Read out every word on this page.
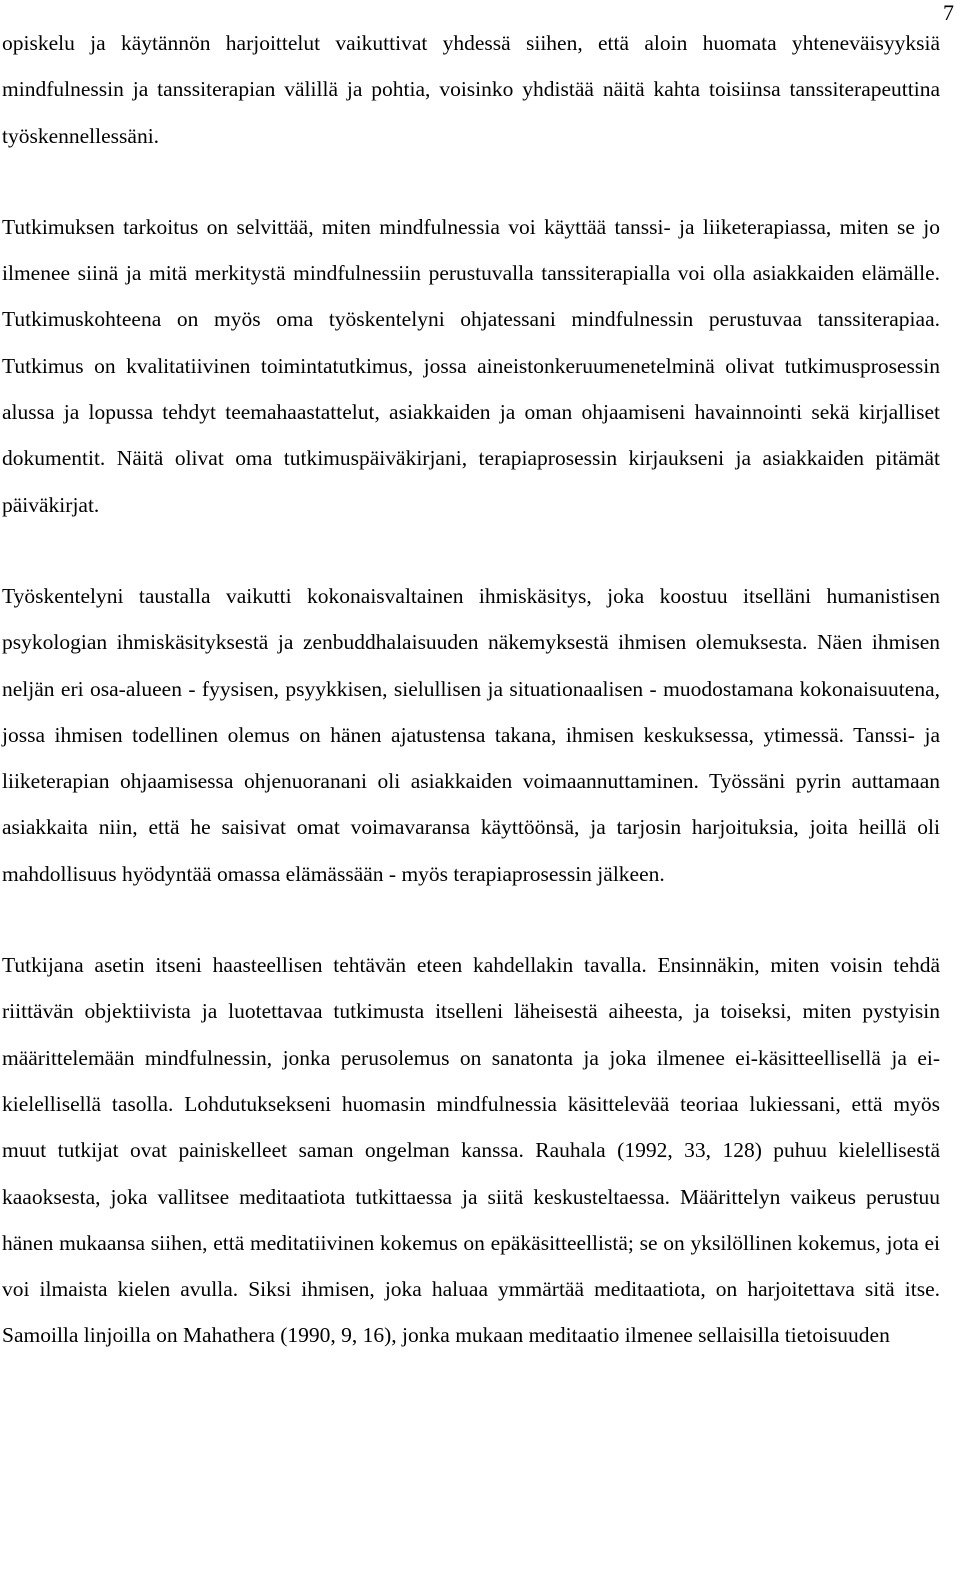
7

opiskelu ja käytännön harjoittelut vaikuttivat yhdessä siihen, että aloin huomata yhteneväisyyksiä mindfulnessin ja tanssiterapian välillä ja pohtia, voisinko yhdistää näitä kahta toisiinsa tanssiterapeuttina työskennellessäni.

Tutkimuksen tarkoitus on selvittää, miten mindfulnessia voi käyttää tanssi- ja liiketerapiassa, miten se jo ilmenee siinä ja mitä merkitystä mindfulnessiin perustuvalla tanssiterapialla voi olla asiakkaiden elämälle. Tutkimuskohteena on myös oma työskentelyni ohjatessani mindfulnessin perustuvaa tanssiterapiaa. Tutkimus on kvalitatiivinen toimintatutkimus, jossa aineistonkeruumenetelminä olivat tutkimusprosessin alussa ja lopussa tehdyt teemahaastattelut, asiakkaiden ja oman ohjaamiseni havainnointi sekä kirjalliset dokumentit. Näitä olivat oma tutkimuspäiväkirjani, terapiaprosessin kirjaukseni ja asiakkaiden pitämät päiväkirjat.

Työskentelyni taustalla vaikutti kokonaisvaltainen ihmiskäsitys, joka koostuu itselläni humanistisen psykologian ihmiskäsityksestä ja zenbuddhalaisuuden näkemyksestä ihmisen olemuksesta. Näen ihmisen neljän eri osa-alueen - fyysisen, psyykkisen, sielullisen ja situationaalisen - muodostamana kokonaisuutena, jossa ihmisen todellinen olemus on hänen ajatustensa takana, ihmisen keskuksessa, ytimessä. Tanssi- ja liiketerapian ohjaamisessa ohjenuoranani oli asiakkaiden voimaannuttaminen. Työssäni pyrin auttamaan asiakkaita niin, että he saisivat omat voimavaransa käyttöönsä, ja tarjosin harjoituksia, joita heillä oli mahdollisuus hyödyntää omassa elämässään - myös terapiaprosessin jälkeen.

Tutkijana asetin itseni haasteellisen tehtävän eteen kahdellakin tavalla. Ensinnäkin, miten voisin tehdä riittävän objektiivista ja luotettavaa tutkimusta itselleni läheisestä aiheesta, ja toiseksi, miten pystyisin määrittelemään mindfulnessin, jonka perusolemus on sanatonta ja joka ilmenee ei-käsitteellisellä ja ei-kielellisellä tasolla. Lohdutuksekseni huomasin mindfulnessia käsittelevää teoriaa lukiessani, että myös muut tutkijat ovat painiskelleet saman ongelman kanssa. Rauhala (1992, 33, 128) puhuu kielellisestä kaaoksesta, joka vallitsee meditaatiota tutkittaessa ja siitä keskusteltaessa. Määrittelyn vaikeus perustuu hänen mukaansa siihen, että meditatiivinen kokemus on epäkäsitteellistä; se on yksilöllinen kokemus, jota ei voi ilmaista kielen avulla. Siksi ihmisen, joka haluaa ymmärtää meditaatiota, on harjoitettava sitä itse. Samoilla linjoilla on Mahathera (1990, 9, 16), jonka mukaan meditaatio ilmenee sellaisilla tietoisuuden
